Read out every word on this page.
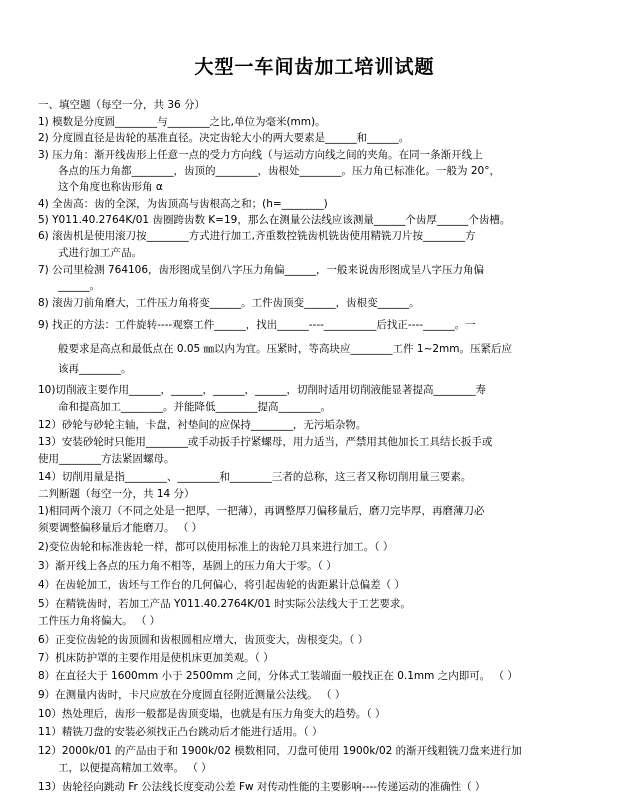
大型一车间齿加工培训试题
一、填空题（每空一分，共 36 分）
1) 模数是分度圆________与________之比,单位为毫米(mm)。
2) 分度圆直径是齿轮的基准直径。决定齿轮大小的两大要素是______和______。
3) 压力角：渐开线齿形上任意一点的受力方向线（与运动方向线之间的夹角。在同一条渐开线上
各点的压力角都________，齿顶的________，齿根处________。压力角已标准化。一般为 20°，
这个角度也称齿形角 α
4) 全齿高：齿的全深，为齿顶高与齿根高之和；(h=________)
5) Y011.40.2764K/01 齿圈跨齿数 K=19，那么在测量公法线应该测量______个齿厚______个齿槽。
6) 滚齿机是使用滚刀按________方式进行加工,齐重数控铣齿机铣齿使用精铣刀片按________方
式进行加工产品。
7) 公司里检测 764106，齿形图成呈倒八字压力角偏______，一般来说齿形图成呈八字压力角偏
______。
8) 滚齿刀前角磨大，工件压力角将变______。工件齿顶变______，齿根变______。
9) 找正的方法：工件旋转----观察工件______，找出______----__________后找正----______。一
般要求是高点和最低点在 0.05 ㎜以内为宜。压紧时，等高块应________工件 1~2mm。压紧后应
该再________。
10)切削液主要作用______，______，______，______，切削时适用切削液能显著提高________寿
命和提高加工________。并能降低________提高________。
12）砂轮与砂轮主轴，卡盘，衬垫间的应保持________，无污垢杂物。
13）安装砂轮时只能用________或手动扳手拧紧螺母，用力适当，严禁用其他加长工具结长扳手或
使用________方法紧固螺母。
14）切削用量是指________、________和________三者的总称，这三者又称切削用量三要素。
二判断题（每空一分，共 14 分）
1)相同两个滚刀（不同之处是一把厚，一把薄），再调整厚刀偏移量后，磨刀完毕厚，再磨薄刀必
须要调整偏移量后才能磨刀。 （ ）
2)变位齿轮和标准齿轮一样，都可以使用标准上的齿轮刀具来进行加工。（ ）
3）渐开线上各点的压力角不相等，基圆上的压力角大于零。（ ）
4）在齿轮加工，齿坯与工作台的几何偏心，将引起齿轮的齿距累计总偏差（ ）
5）在精铣齿时，若加工产品 Y011.40.2764K/01 时实际公法线大于工艺要求。
工件压力角将偏大。 （ ）
6）正变位齿轮的齿顶圆和齿根圆相应增大，齿顶变大，齿根变尖。（ ）
7）机床防护罩的主要作用是使机床更加美观。（ ）
8）在直径大于 1600mm 小于 2500mm 之间，分体式工装端面一般找正在 0.1mm 之内即可。 （ ）
9）在测量内齿时，卡尺应放在分度圆直径附近测量公法线。 （ ）
10）热处理后，齿形一般都是齿顶变塌，也就是有压力角变大的趋势。（ ）
11）精铣刀盘的安装必须找正凸台跳动后才能进行适用。（ ）
12）2000k/01 的产品由于和 1900k/02 模数相同，刀盘可使用 1900k/02 的渐开线粗铣刀盘来进行加
工，以便提高精加工效率。 （ ）
13）齿轮径向跳动 Fr 公法线长度变动公差 Fw 对传动性能的主要影响----传递运动的准确性（ ）
